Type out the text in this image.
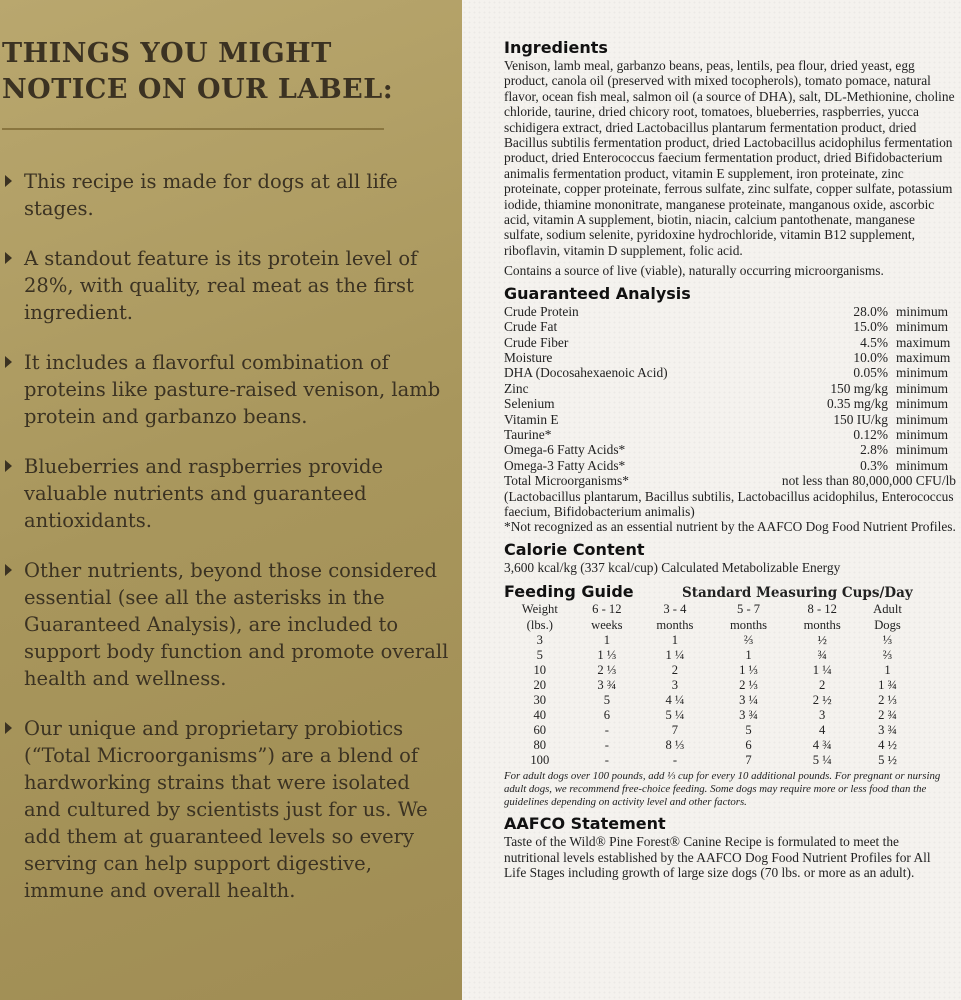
THINGS YOU MIGHT NOTICE ON OUR LABEL:
This recipe is made for dogs at all life stages.
A standout feature is its protein level of 28%, with quality, real meat as the first ingredient.
It includes a flavorful combination of proteins like pasture-raised venison, lamb protein and garbanzo beans.
Blueberries and raspberries provide valuable nutrients and guaranteed antioxidants.
Other nutrients, beyond those considered essential (see all the asterisks in the Guaranteed Analysis), are included to support body function and promote overall health and wellness.
Our unique and proprietary probiotics (“Total Microorganisms”) are a blend of hardworking strains that were isolated and cultured by scientists just for us. We add them at guaranteed levels so every serving can help support digestive, immune and overall health.
Ingredients

Venison, lamb meal, garbanzo beans, peas, lentils, pea flour, dried yeast, egg product, canola oil (preserved with mixed tocopherols), tomato pomace, natural flavor, ocean fish meal, salmon oil (a source of DHA), salt, DL-Methionine, choline chloride, taurine, dried chicory root, tomatoes, blueberries, raspberries, yucca schidigera extract, dried Lactobacillus plantarum fermentation product, dried Bacillus subtilis fermentation product, dried Lactobacillus acidophilus fermentation product, dried Enterococcus faecium fermentation product, dried Bifidobacterium animalis fermentation product, vitamin E supplement, iron proteinate, zinc proteinate, copper proteinate, ferrous sulfate, zinc sulfate, copper sulfate, potassium iodide, thiamine mononitrate, manganese proteinate, manganous oxide, ascorbic acid, vitamin A supplement, biotin, niacin, calcium pantothenate, manganese sulfate, sodium selenite, pyridoxine hydrochloride, vitamin B12 supplement, riboflavin, vitamin D supplement, folic acid.

Contains a source of live (viable), naturally occurring microorganisms.

Guaranteed Analysis
Crude Protein	28.0% minimum
Crude Fat	15.0% minimum
Crude Fiber	4.5% maximum
Moisture	10.0% maximum
DHA (Docosahexaenoic Acid)	0.05% minimum
Zinc	150 mg/kg minimum
Selenium	0.35 mg/kg minimum
Vitamin E	150 IU/kg minimum
Taurine*	0.12% minimum
Omega-6 Fatty Acids*	2.8% minimum
Omega-3 Fatty Acids*	0.3% minimum
Total Microorganisms*	not less than 80,000,000 CFU/lb

(Lactobacillus plantarum, Bacillus subtilis, Lactobacillus acidophilus, Enterococcus faecium, Bifidobacterium animalis)

*Not recognized as an essential nutrient by the AAFCO Dog Food Nutrient Profiles.

Calorie Content

3,600 kcal/kg (337 kcal/cup) Calculated Metabolizable Energy

Feeding Guide	Standard Measuring Cups/Day
Weight	6 - 12	3 - 4	5 - 7	8 - 12	Adult
(lbs.)	weeks	months	months	months	Dogs
3	1	1	⅔	½	⅓
5	1 ⅓	1 ¼	1	¾	⅔
10	2 ⅓	2	1 ⅓	1 ¼	1
20	3 ¾	3	2 ⅓	2	1 ¾
30	5	4 ¼	3 ¼	2 ½	2 ⅓
40	6	5 ¼	3 ¾	3	2 ¾
60	-	7	5	4	3 ¾
80	-	8 ⅓	6	4 ¾	4 ½
100	-	-	7	5 ¼	5 ½

For adult dogs over 100 pounds, add ⅓ cup for every 10 additional pounds. For pregnant or nursing adult dogs, we recommend free-choice feeding. Some dogs may require more or less food than the guidelines depending on activity level and other factors.

AAFCO Statement

Taste of the Wild® Pine Forest® Canine Recipe is formulated to meet the nutritional levels established by the AAFCO Dog Food Nutrient Profiles for All Life Stages including growth of large size dogs (70 lbs. or more as an adult).
